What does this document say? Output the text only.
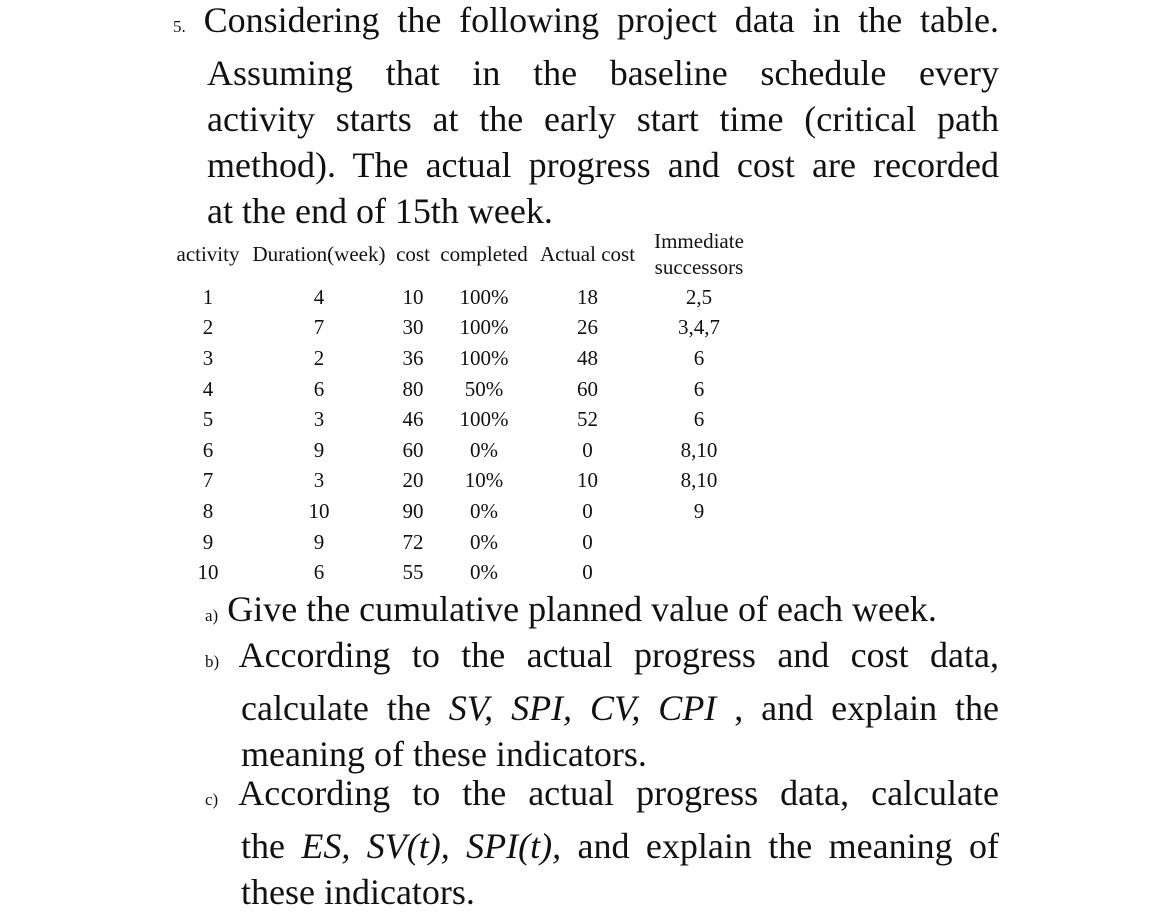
5. Considering the following project data in the table.
Assuming that in the baseline schedule every
activity starts at the early start time (critical path
method). The actual progress and cost are recorded
at the end of 15th week.
activity	Duration(week)	cost	completed	Actual cost	Immediate
successors

1	4	10	100%	18	2,5
2	7	30	100%	26	3,4,7
3	2	36	100%	48	6
4	6	80	50%	60	6
5	3	46	100%	52	6
6	9	60	0%	0	8,10
7	3	20	10%	10	8,10
8	10	90	0%	0	9
9	9	72	0%	0	
10	6	55	0%	0	
a) Give the cumulative planned value of each week.
b) According to the actual progress and cost data,
calculate the SV, SPI, CV, CPI , and explain the
meaning of these indicators.
c) According to the actual progress data, calculate
the ES, SV(t), SPI(t), and explain the meaning of
these indicators.
